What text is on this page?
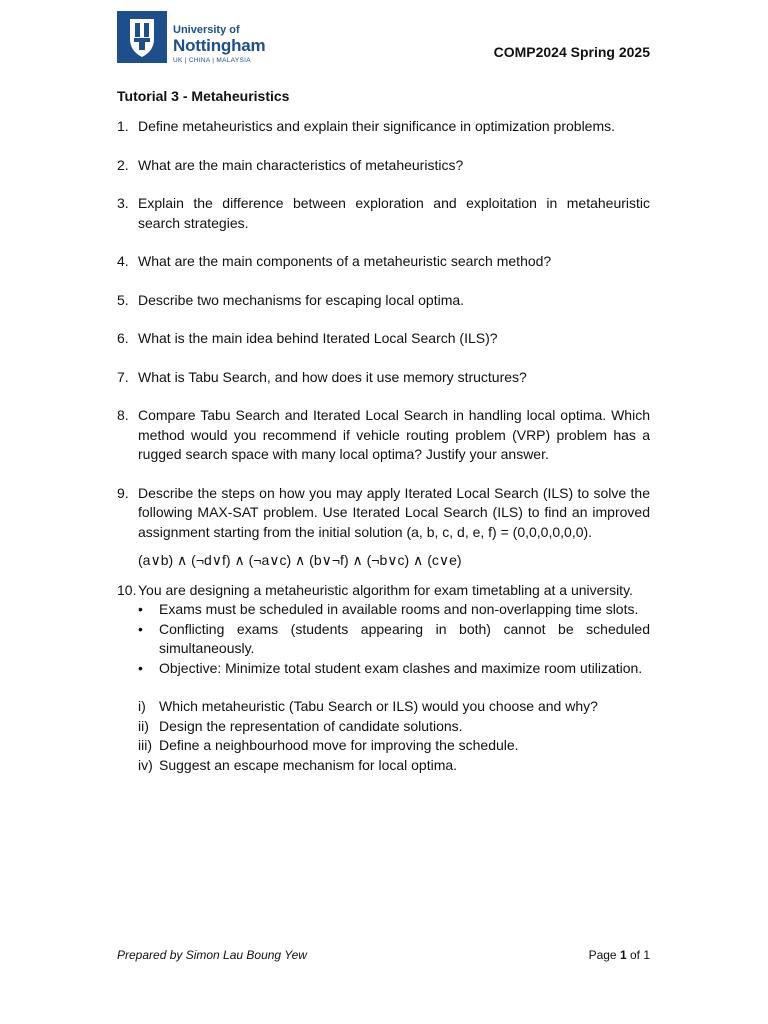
University of
Nottingham
UK | CHINA | MALAYSIA
COMP2024 Spring 2025
Tutorial 3 - Metaheuristics
1. Define metaheuristics and explain their significance in optimization problems.
2. What are the main characteristics of metaheuristics?
3. Explain the difference between exploration and exploitation in metaheuristic search strategies.
4. What are the main components of a metaheuristic search method?
5. Describe two mechanisms for escaping local optima.
6. What is the main idea behind Iterated Local Search (ILS)?
7. What is Tabu Search, and how does it use memory structures?
8. Compare Tabu Search and Iterated Local Search in handling local optima. Which method would you recommend if vehicle routing problem (VRP) problem has a rugged search space with many local optima? Justify your answer.
9. Describe the steps on how you may apply Iterated Local Search (ILS) to solve the following MAX-SAT problem. Use Iterated Local Search (ILS) to find an improved assignment starting from the initial solution (a, b, c, d, e, f) = (0,0,0,0,0,0).
(a∨b) ∧ (¬d∨f) ∧ (¬a∨c) ∧ (b∨¬f) ∧ (¬b∨c) ∧ (c∨e)
10. You are designing a metaheuristic algorithm for exam timetabling at a university.
•	Exams must be scheduled in available rooms and non-overlapping time slots.
•	Conflicting exams (students appearing in both) cannot be scheduled simultaneously.
•	Objective: Minimize total student exam clashes and maximize room utilization.
i) Which metaheuristic (Tabu Search or ILS) would you choose and why?
ii) Design the representation of candidate solutions.
iii) Define a neighbourhood move for improving the schedule.
iv) Suggest an escape mechanism for local optima.
Prepared by Simon Lau Boung Yew	Page 1 of 1
